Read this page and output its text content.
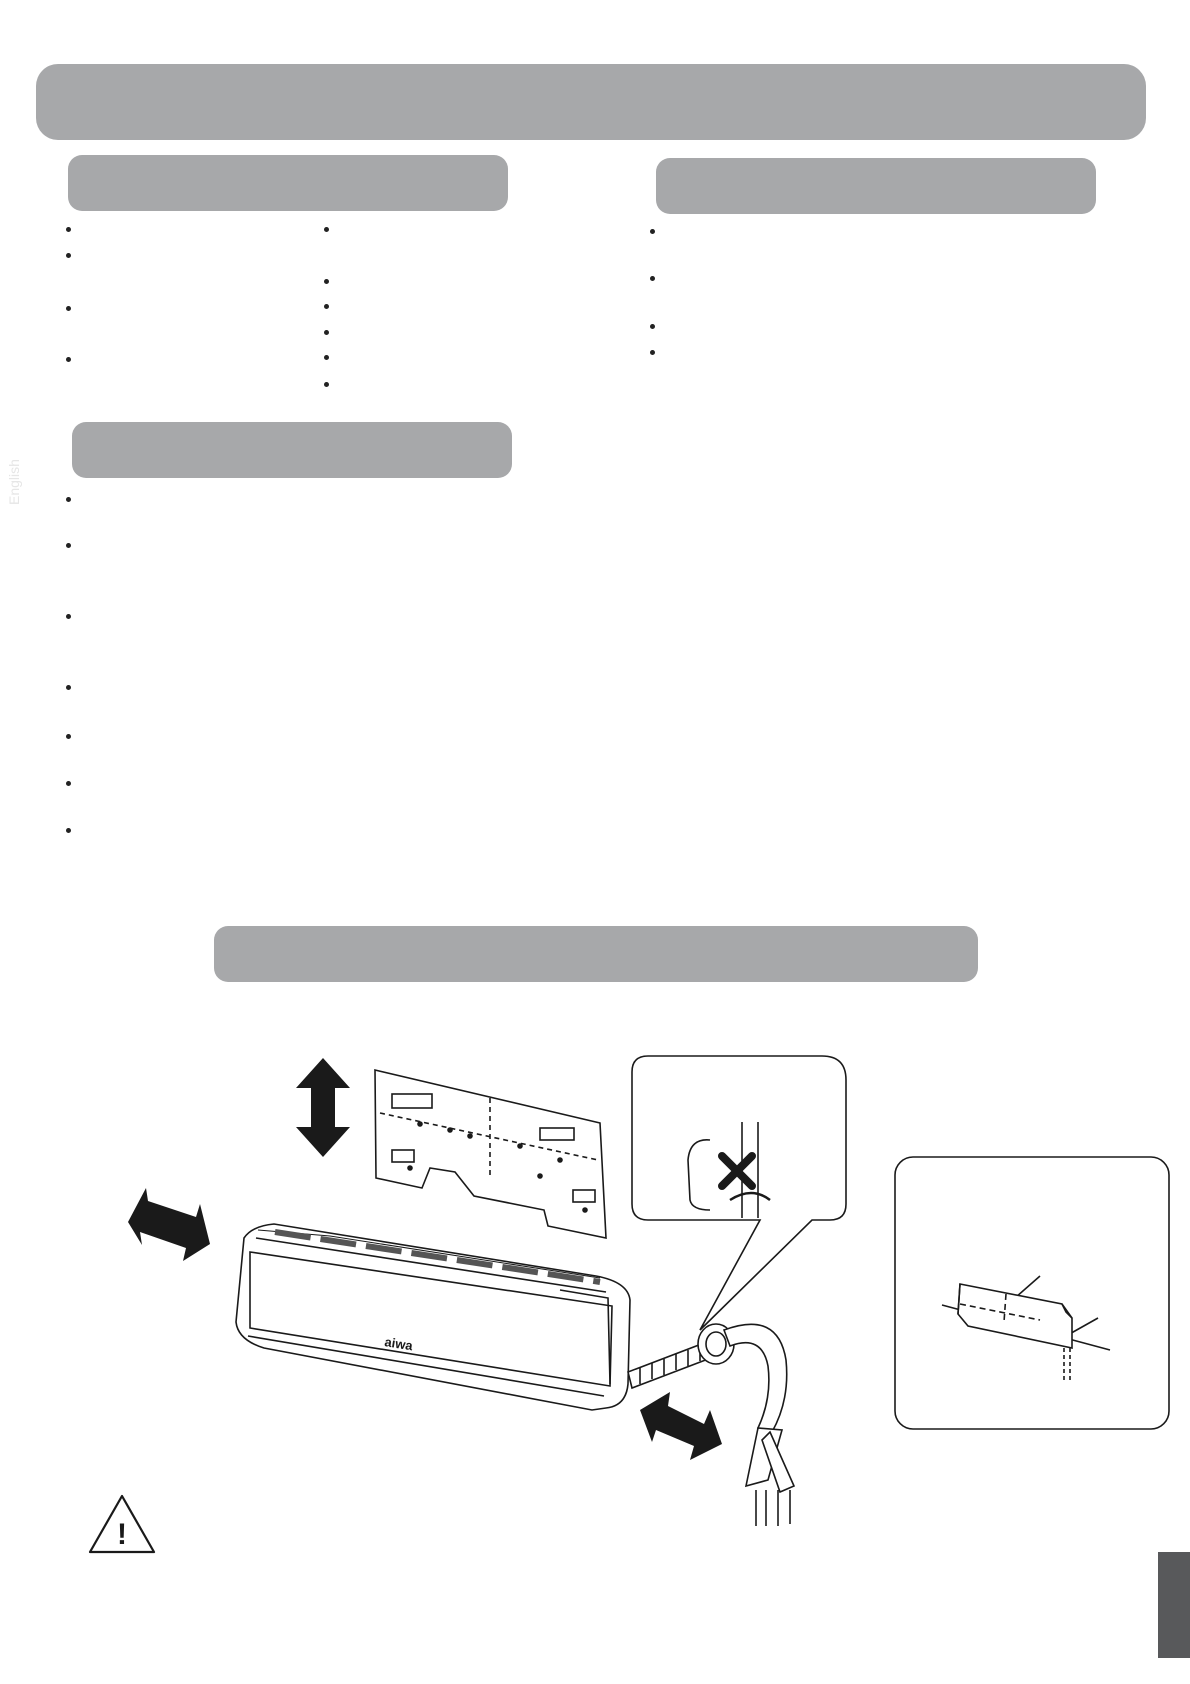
English
aiwa
!
